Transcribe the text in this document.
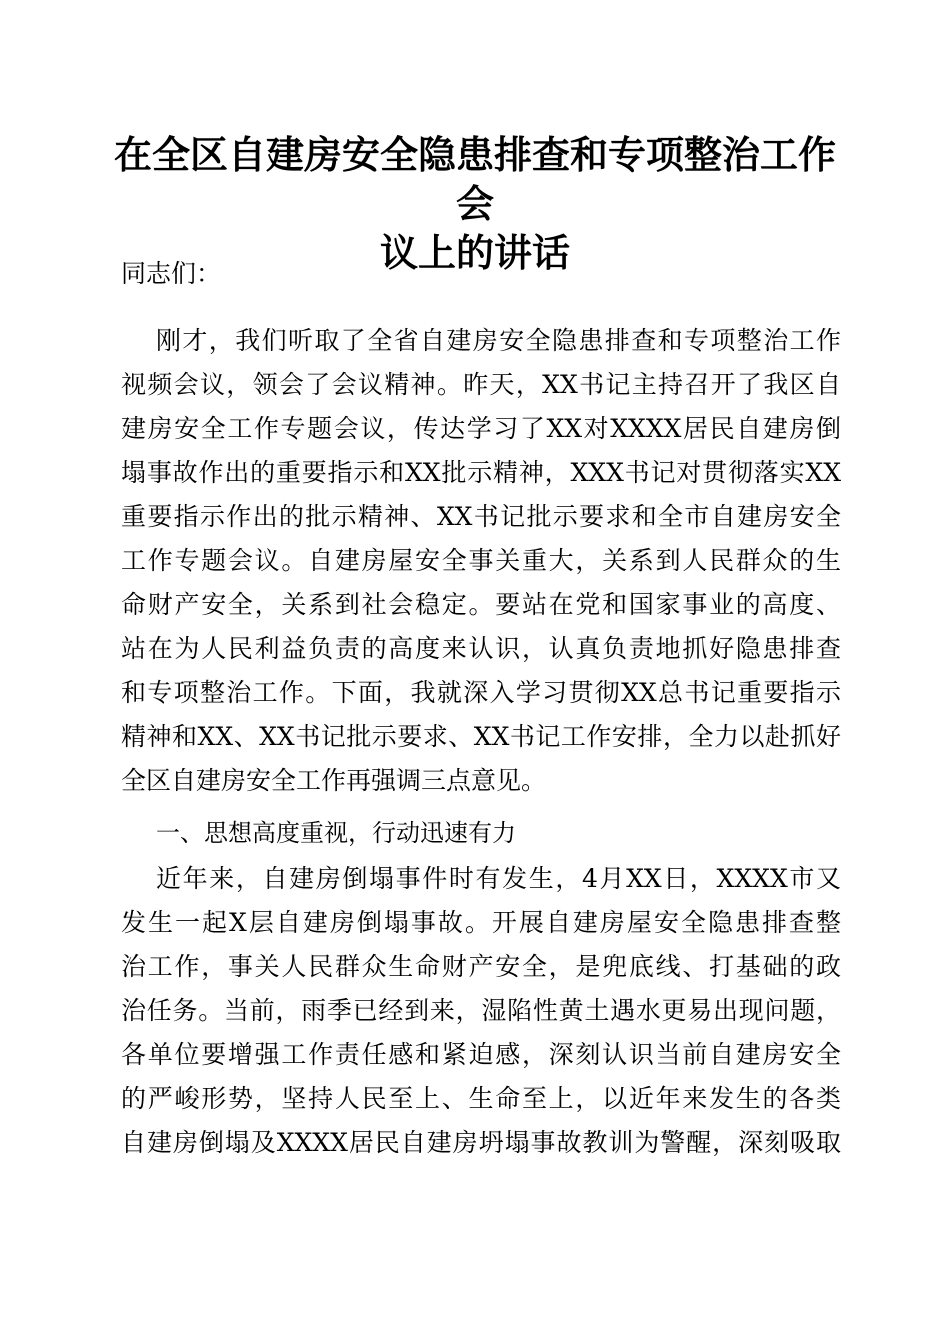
在全区自建房安全隐患排查和专项整治工作会
议上的讲话

同志们：

刚才，我们听取了全省自建房安全隐患排查和专项整治工作

视频会议，领会了会议精神。昨天，XX书记主持召开了我区自

建房安全工作专题会议，传达学习了XX对XXXX居民自建房倒

塌事故作出的重要指示和XX批示精神，XXX书记对贯彻落实XX

重要指示作出的批示精神、XX书记批示要求和全市自建房安全

工作专题会议。自建房屋安全事关重大，关系到人民群众的生

命财产安全，关系到社会稳定。要站在党和国家事业的高度、

站在为人民利益负责的高度来认识，认真负责地抓好隐患排查

和专项整治工作。下面，我就深入学习贯彻XX总书记重要指示

精神和XX、XX书记批示要求、XX书记工作安排，全力以赴抓好

全区自建房安全工作再强调三点意见。

一、思想高度重视，行动迅速有力

近年来，自建房倒塌事件时有发生，4月XX日，XXXX市又

发生一起X层自建房倒塌事故。开展自建房屋安全隐患排查整

治工作，事关人民群众生命财产安全，是兜底线、打基础的政

治任务。当前，雨季已经到来，湿陷性黄土遇水更易出现问题，

各单位要增强工作责任感和紧迫感，深刻认识当前自建房安全

的严峻形势，坚持人民至上、生命至上，以近年来发生的各类

自建房倒塌及XXXX居民自建房坍塌事故教训为警醒，深刻吸取
